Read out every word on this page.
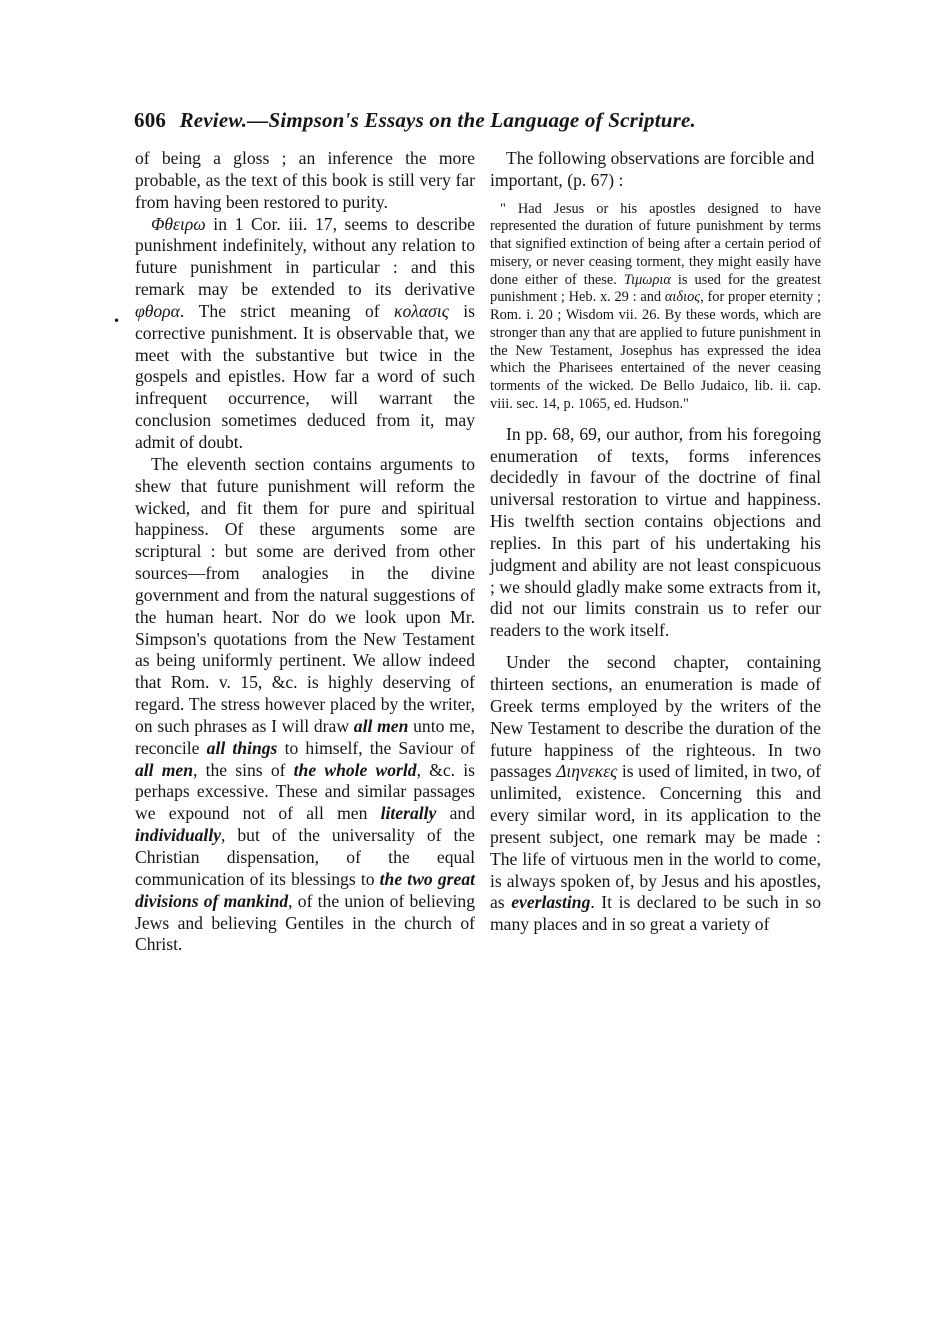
606 Review.—Simpson's Essays on the Language of Scripture.
•

of being a gloss ; an inference the more probable, as the text of this book is still very far from having been restored to purity.

Φθειρω in 1 Cor. iii. 17, seems to describe punishment indefinitely, without any relation to future punishment in particular : and this remark may be extended to its derivative φθορα. The strict meaning of κολασις is corrective punishment. It is observable that, we meet with the substantive but twice in the gospels and epistles. How far a word of such infrequent occurrence, will warrant the conclusion sometimes deduced from it, may admit of doubt.

The eleventh section contains arguments to shew that future punishment will reform the wicked, and fit them for pure and spiritual happiness. Of these arguments some are scriptural : but some are derived from other sources—from analogies in the divine government and from the natural suggestions of the human heart. Nor do we look upon Mr. Simpson's quotations from the New Testament as being uniformly pertinent. We allow indeed that Rom. v. 15, &c. is highly deserving of regard. The stress however placed by the writer, on such phrases as I will draw all men unto me, reconcile all things to himself, the Saviour of all men, the sins of the whole world, &c. is perhaps excessive. These and similar passages we expound not of all men literally and individually, but of the universality of the Christian dispensation, of the equal communication of its blessings to the two great divisions of mankind, of the union of believing Jews and believing Gentiles in the church of Christ.

The following observations are forcible and important, (p. 67) :

" Had Jesus or his apostles designed to have represented the duration of future punishment by terms that signified extinction of being after a certain period of misery, or never ceasing torment, they might easily have done either of these. Τιμωρια is used for the greatest punishment ; Heb. x. 29 : and αιδιος, for proper eternity ; Rom. i. 20 ; Wisdom vii. 26. By these words, which are stronger than any that are applied to future punishment in the New Testament, Josephus has expressed the idea which the Pharisees entertained of the never ceasing torments of the wicked. De Bello Judaico, lib. ii. cap. viii. sec. 14, p. 1065, ed. Hudson."

In pp. 68, 69, our author, from his foregoing enumeration of texts, forms inferences decidedly in favour of the doctrine of final universal restoration to virtue and happiness. His twelfth section contains objections and replies. In this part of his undertaking his judgment and ability are not least conspicuous ; we should gladly make some extracts from it, did not our limits constrain us to refer our readers to the work itself.

Under the second chapter, containing thirteen sections, an enumeration is made of Greek terms employed by the writers of the New Testament to describe the duration of the future happiness of the righteous. In two passages Διηνεκες is used of limited, in two, of unlimited, existence. Concerning this and every similar word, in its application to the present subject, one remark may be made : The life of virtuous men in the world to come, is always spoken of, by Jesus and his apostles, as everlasting. It is declared to be such in so many places and in so great a variety of
